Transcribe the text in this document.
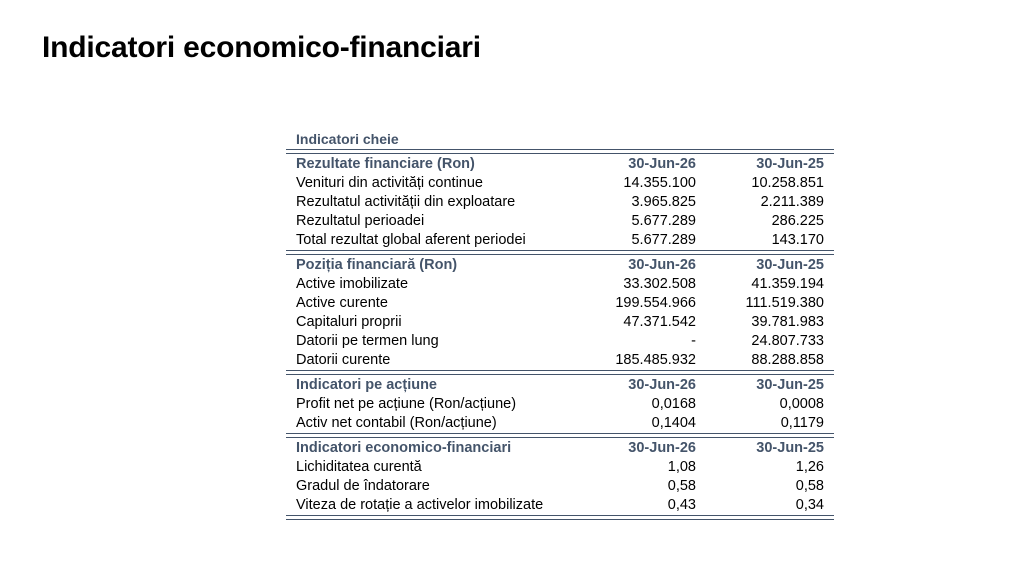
Indicatori economico-financiari
Indicatori cheie
Rezultate financiare (Ron)	30-Jun-26	30-Jun-25
Venituri din activități continue	14.355.100	10.258.851
Rezultatul activității din exploatare	3.965.825	2.211.389
Rezultatul perioadei	5.677.289	286.225
Total rezultat global aferent periodei	5.677.289	143.170
Poziția financiară (Ron)	30-Jun-26	30-Jun-25
Active imobilizate	33.302.508	41.359.194
Active curente	199.554.966	111.519.380
Capitaluri proprii	47.371.542	39.781.983
Datorii pe termen lung	-	24.807.733
Datorii curente	185.485.932	88.288.858
Indicatori pe acțiune	30-Jun-26	30-Jun-25
Profit net pe acțiune (Ron/acțiune)	0,0168	0,0008
Activ net contabil (Ron/acțiune)	0,1404	0,1179
Indicatori economico-financiari	30-Jun-26	30-Jun-25
Lichiditatea curentă	1,08	1,26
Gradul de îndatorare	0,58	0,58
Viteza de rotație a activelor imobilizate	0,43	0,34
